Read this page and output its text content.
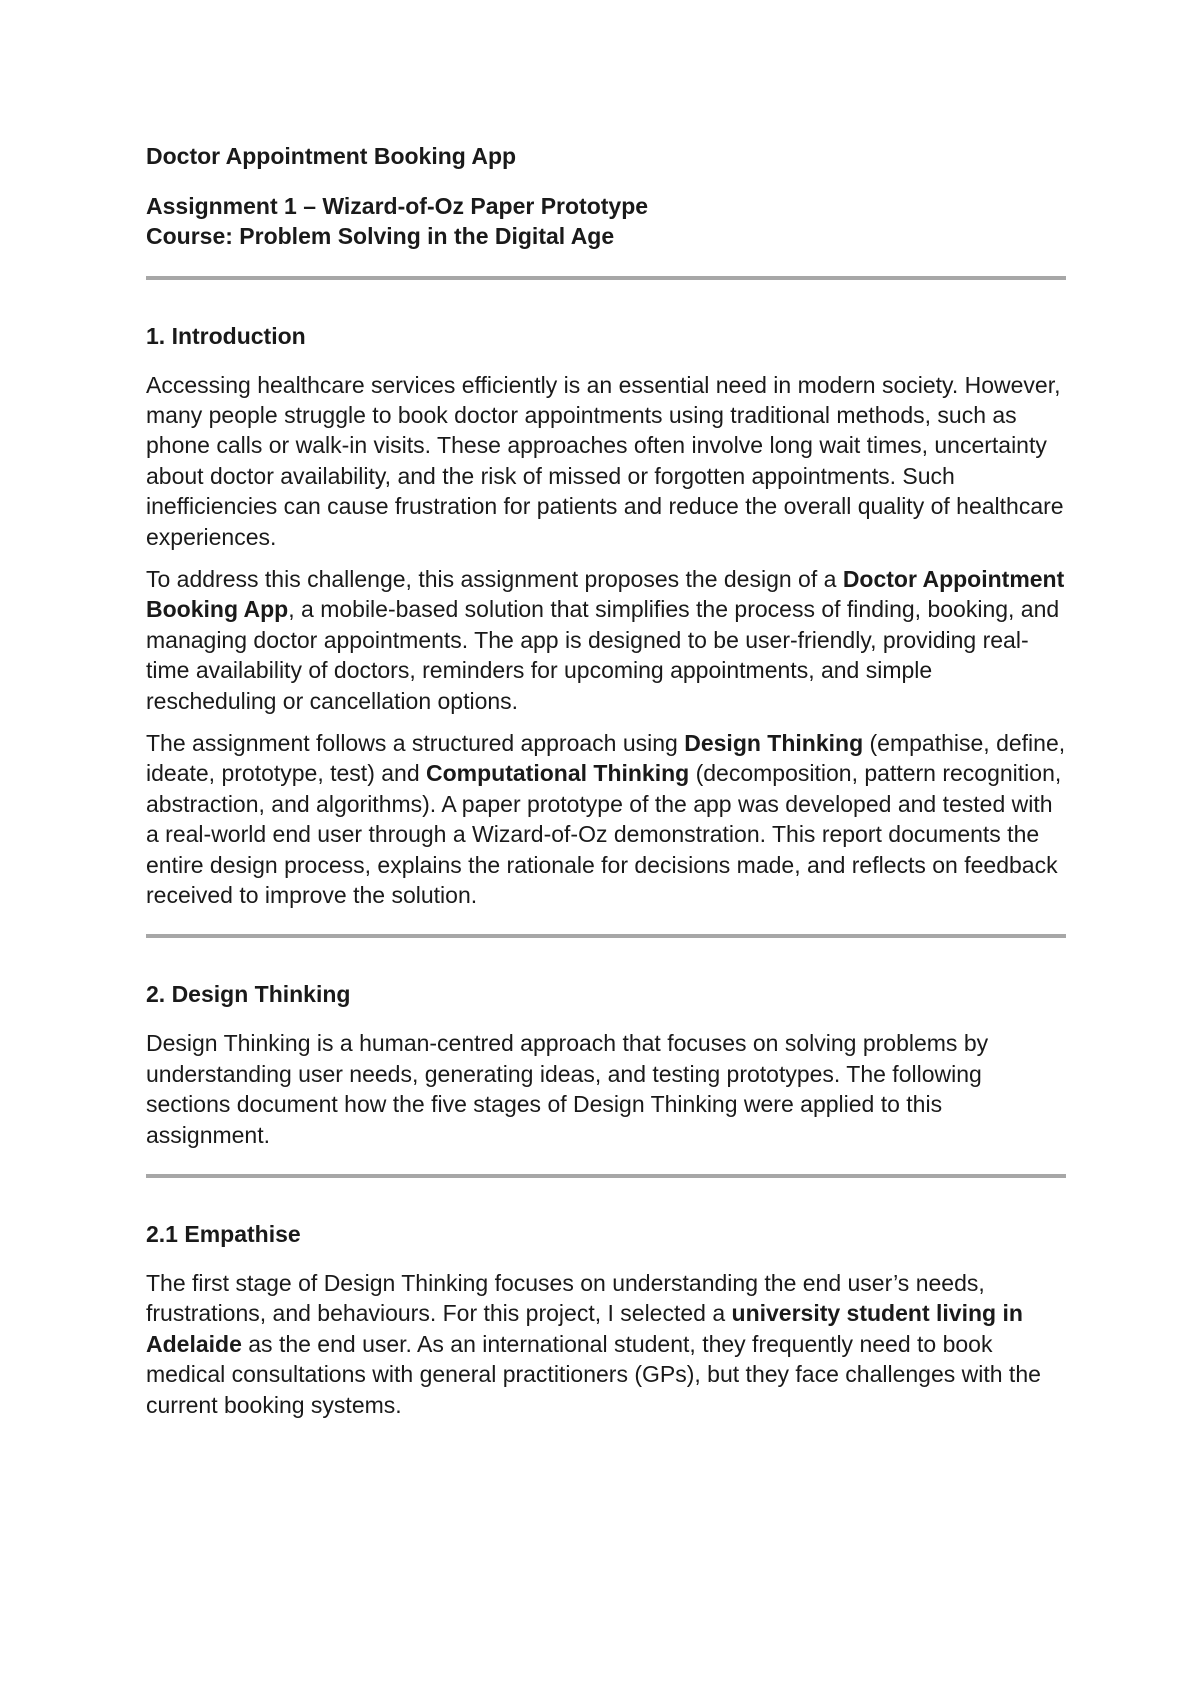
Doctor Appointment Booking App
Assignment 1 – Wizard-of-Oz Paper Prototype
Course: Problem Solving in the Digital Age
1. Introduction

Accessing healthcare services efficiently is an essential need in modern society. However, many people struggle to book doctor appointments using traditional methods, such as phone calls or walk-in visits. These approaches often involve long wait times, uncertainty about doctor availability, and the risk of missed or forgotten appointments. Such inefficiencies can cause frustration for patients and reduce the overall quality of healthcare experiences.

To address this challenge, this assignment proposes the design of a Doctor Appointment Booking App, a mobile-based solution that simplifies the process of finding, booking, and managing doctor appointments. The app is designed to be user-friendly, providing real-time availability of doctors, reminders for upcoming appointments, and simple rescheduling or cancellation options.

The assignment follows a structured approach using Design Thinking (empathise, define, ideate, prototype, test) and Computational Thinking (decomposition, pattern recognition, abstraction, and algorithms). A paper prototype of the app was developed and tested with a real-world end user through a Wizard-of-Oz demonstration. This report documents the entire design process, explains the rationale for decisions made, and reflects on feedback received to improve the solution.

2. Design Thinking

Design Thinking is a human-centred approach that focuses on solving problems by understanding user needs, generating ideas, and testing prototypes. The following sections document how the five stages of Design Thinking were applied to this assignment.

2.1 Empathise

The first stage of Design Thinking focuses on understanding the end user’s needs, frustrations, and behaviours. For this project, I selected a university student living in Adelaide as the end user. As an international student, they frequently need to book medical consultations with general practitioners (GPs), but they face challenges with the current booking systems.
